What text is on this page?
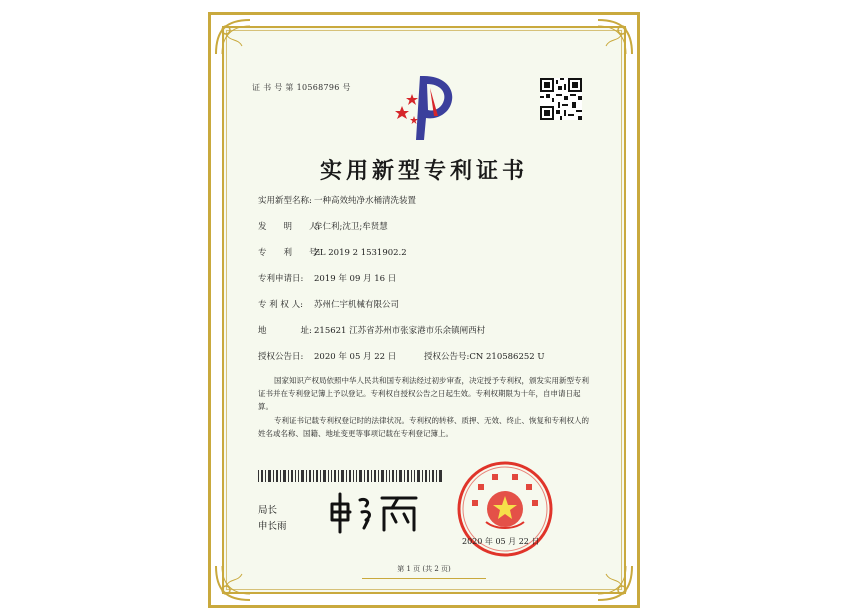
证 书 号 第 10568796 号
实用新型专利证书
实用新型名称: 一种高效纯净水桶清洗装置
发　　明　　人:牟仁利;沈卫;牟贤慧
专　　利　　号:ZL 2019 2 1531902.2
专利申请日: 2019 年 09 月 16 日
专 利 权 人: 苏州仁宇机械有限公司
地　　　　址: 215621 江苏省苏州市张家港市乐余镇闸西村
授权公告日: 2020 年 05 月 22 日	授权公告号:CN 210586252 U
国家知识产权局依照中华人民共和国专利法经过初步审查，决定授予专利权，颁发实用新型专利证书并在专利登记簿上予以登记。专利权自授权公告之日起生效。专利权期限为十年，自申请日起算。
专利证书记载专利权登记时的法律状况。专利权的转移、质押、无效、终止、恢复和专利权人的姓名或名称、国籍、地址变更等事项记载在专利登记簿上。
局长
申长雨
2020 年 05 月 22 日
第 1 页 (共 2 页)
